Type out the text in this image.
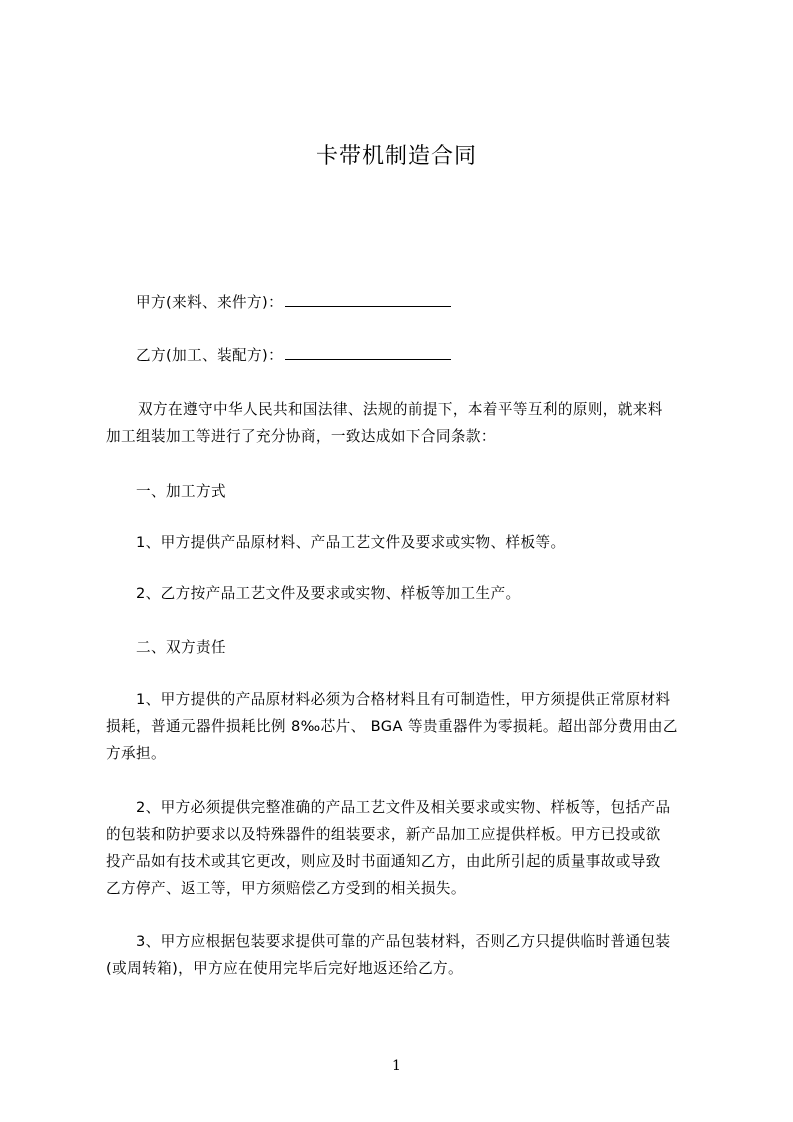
卡带机制造合同
甲方(来料、来件方)：
乙方(加工、装配方)：
双方在遵守中华人民共和国法律、法规的前提下，本着平等互利的原则，就来料
加工组装加工等进行了充分协商，一致达成如下合同条款：
一、加工方式
1、甲方提供产品原材料、产品工艺文件及要求或实物、样板等。
2、乙方按产品工艺文件及要求或实物、样板等加工生产。
二、双方责任
1、甲方提供的产品原材料必须为合格材料且有可制造性，甲方须提供正常原材料
损耗，普通元器件损耗比例 8‰芯片、 BGA 等贵重器件为零损耗。超出部分费用由乙
方承担。
2、甲方必须提供完整准确的产品工艺文件及相关要求或实物、样板等，包括产品
的包装和防护要求以及特殊器件的组装要求，新产品加工应提供样板。甲方已投或欲
投产品如有技术或其它更改，则应及时书面通知乙方，由此所引起的质量事故或导致
乙方停产、返工等，甲方须赔偿乙方受到的相关损失。
3、甲方应根据包装要求提供可靠的产品包装材料，否则乙方只提供临时普通包装
(或周转箱)，甲方应在使用完毕后完好地返还给乙方。
1
